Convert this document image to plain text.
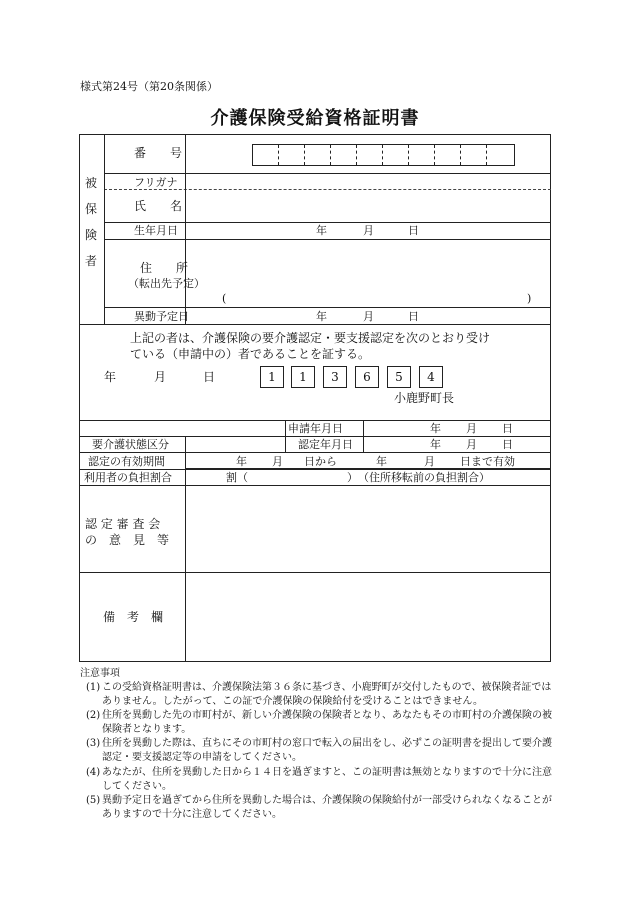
様式第24号（第20条関係）
介護保険受給資格証明書
被
保
険
者
番　　号
フリガナ
氏　　名
生年月日	年	月	日
住　　所
（転出先予定）
(	)
異動予定日	年	月	日
上記の者は、介護保険の要介護認定・要支援認定を次のとおり受け
ている（申請中の）者であることを証する。
年	月	日	1	1	3	6	5	4
小鹿野町長
申請年月日	年 月 日
要介護状態区分	認定年月日	年 月 日
認定の有効期間	年 月 日から	年	月 日まで有効
利用者の負担割合	割（　　　　　　　　　）　（住所移転前の負担割合）
認 定 審 査 会
の　意　見　等
備　考　欄
注意事項
(1) この受給資格証明書は、介護保険法第３６条に基づき、小鹿野町が交付したもので、被保険者証ではありません。したがって、この証で介護保険の保険給付を受けることはできません。
(2) 住所を異動した先の市町村が、新しい介護保険の保険者となり、あなたもその市町村の介護保険の被保険者となります。
(3) 住所を異動した際は、直ちにその市町村の窓口で転入の届出をし、必ずこの証明書を提出して要介護認定・要支援認定等の申請をしてください。
(4) あなたが、住所を異動した日から１４日を過ぎますと、この証明書は無効となりますので十分に注意してください。
(5) 異動予定日を過ぎてから住所を異動した場合は、介護保険の保険給付が一部受けられなくなることがありますので十分に注意してください。
